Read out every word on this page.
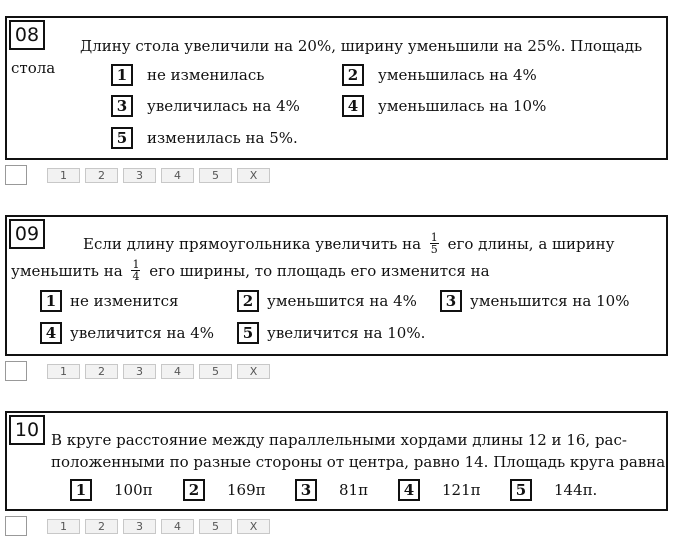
08	Длину стола увеличили на 20%, ширину уменьшили на 25%. Площадь
стола	1	не изменилась	2	уменьшилась на 4%
3	увеличилась на 4%	4	уменьшилась на 10%
5	изменилась на 5%.
1	2	3	4	5	X
09	Если длину прямоугольника увеличить на $\frac{1}{5}$ его длины, а ширину
уменьшить на $\frac{1}{4}$ его ширины, то площадь его изменится на
1 не изменится	2 уменьшится на 4%	3 уменьшится на 10%
4 увеличится на 4%	5 увеличится на 10%.
1	2	3	4	5	X
10 В круге расстояние между параллельными хордами длины 12 и 16, рас-
положенными по разные стороны от центра, равно 14. Площадь круга равна
1	100π	2	169π	3	81π	4	121π	5	144π.
1	2	3	4	5	X
